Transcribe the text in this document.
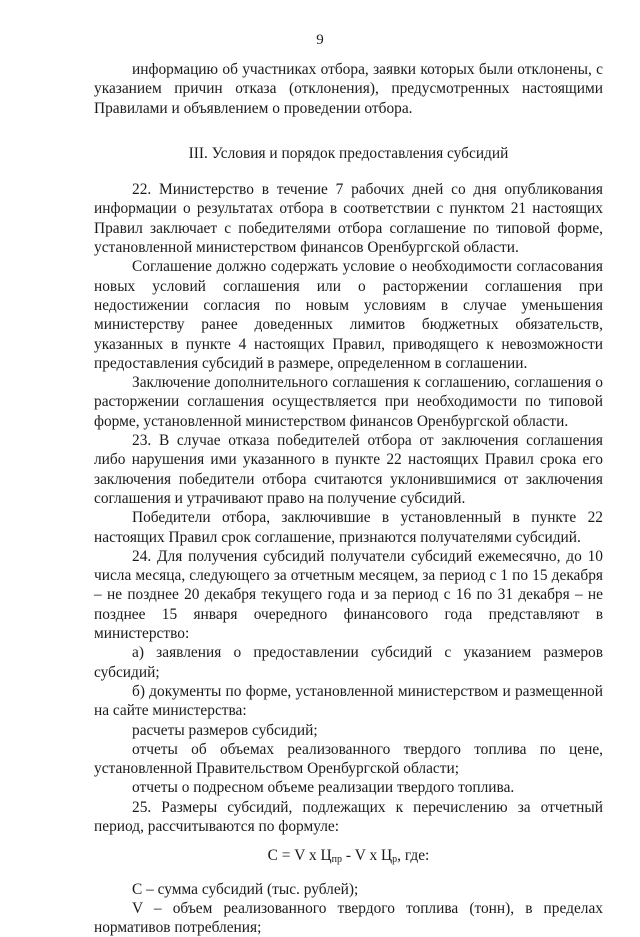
9

информацию об участниках отбора, заявки которых были отклонены, с указанием причин отказа (отклонения), предусмотренных настоящими Правилами и объявлением о проведении отбора.

III. Условия и порядок предоставления субсидий

22. Министерство в течение 7 рабочих дней со дня опубликования информации о результатах отбора в соответствии с пунктом 21 настоящих Правил заключает с победителями отбора соглашение по типовой форме, установленной министерством финансов Оренбургской области.

Соглашение должно содержать условие о необходимости согласования новых условий соглашения или о расторжении соглашения при недостижении согласия по новым условиям в случае уменьшения министерству ранее доведенных лимитов бюджетных обязательств, указанных в пункте 4 настоящих Правил, приводящего к невозможности предоставления субсидий в размере, определенном в соглашении.

Заключение дополнительного соглашения к соглашению, соглашения о расторжении соглашения осуществляется при необходимости по типовой форме, установленной министерством финансов Оренбургской области.

23. В случае отказа победителей отбора от заключения соглашения либо нарушения ими указанного в пункте 22 настоящих Правил срока его заключения победители отбора считаются уклонившимися от заключения соглашения и утрачивают право на получение субсидий.

Победители отбора, заключившие в установленный в пункте 22 настоящих Правил срок соглашение, признаются получателями субсидий.

24. Для получения субсидий получатели субсидий ежемесячно, до 10 числа месяца, следующего за отчетным месяцем, за период с 1 по 15 декабря – не позднее 20 декабря текущего года и за период с 16 по 31 декабря – не позднее 15 января очередного финансового года представляют в министерство:

а) заявления о предоставлении субсидий с указанием размеров субсидий;

б) документы по форме, установленной министерством и размещенной на сайте министерства:

расчеты размеров субсидий;

отчеты об объемах реализованного твердого топлива по цене, установленной Правительством Оренбургской области;

отчеты о подресном объеме реализации твердого топлива.

25. Размеры субсидий, подлежащих к перечислению за отчетный период, рассчитываются по формуле:

С = V x $Ц_{пр}$ - V x $Ц_р$, где:

С – сумма субсидий (тыс. рублей);

V – объем реализованного твердого топлива (тонн), в пределах нормативов потребления;
